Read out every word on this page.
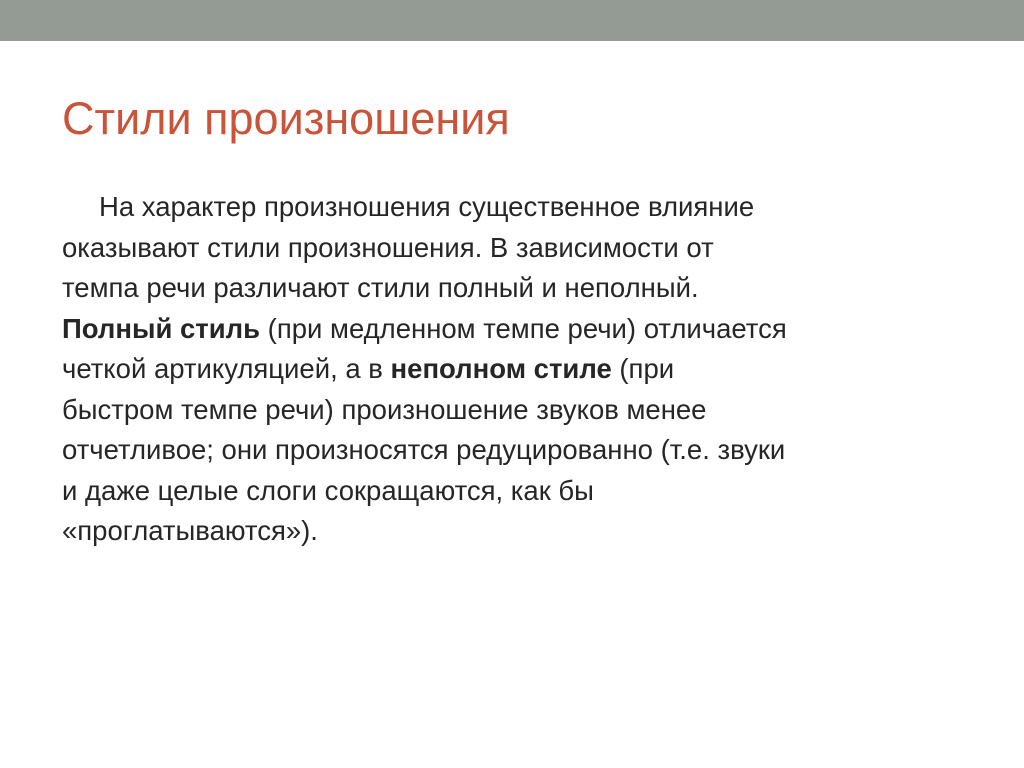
Стили произношения
На характер произношения существенное влияние
оказывают стили произношения. В зависимости от
темпа речи различают стили полный и неполный.
Полный стиль (при медленном темпе речи) отличается
четкой артикуляцией, а в неполном стиле (при
быстром темпе речи) произношение звуков менее
отчетливое; они произносятся редуцированно (т.е. звуки
и даже целые слоги сокращаются, как бы
«проглатываются»).
